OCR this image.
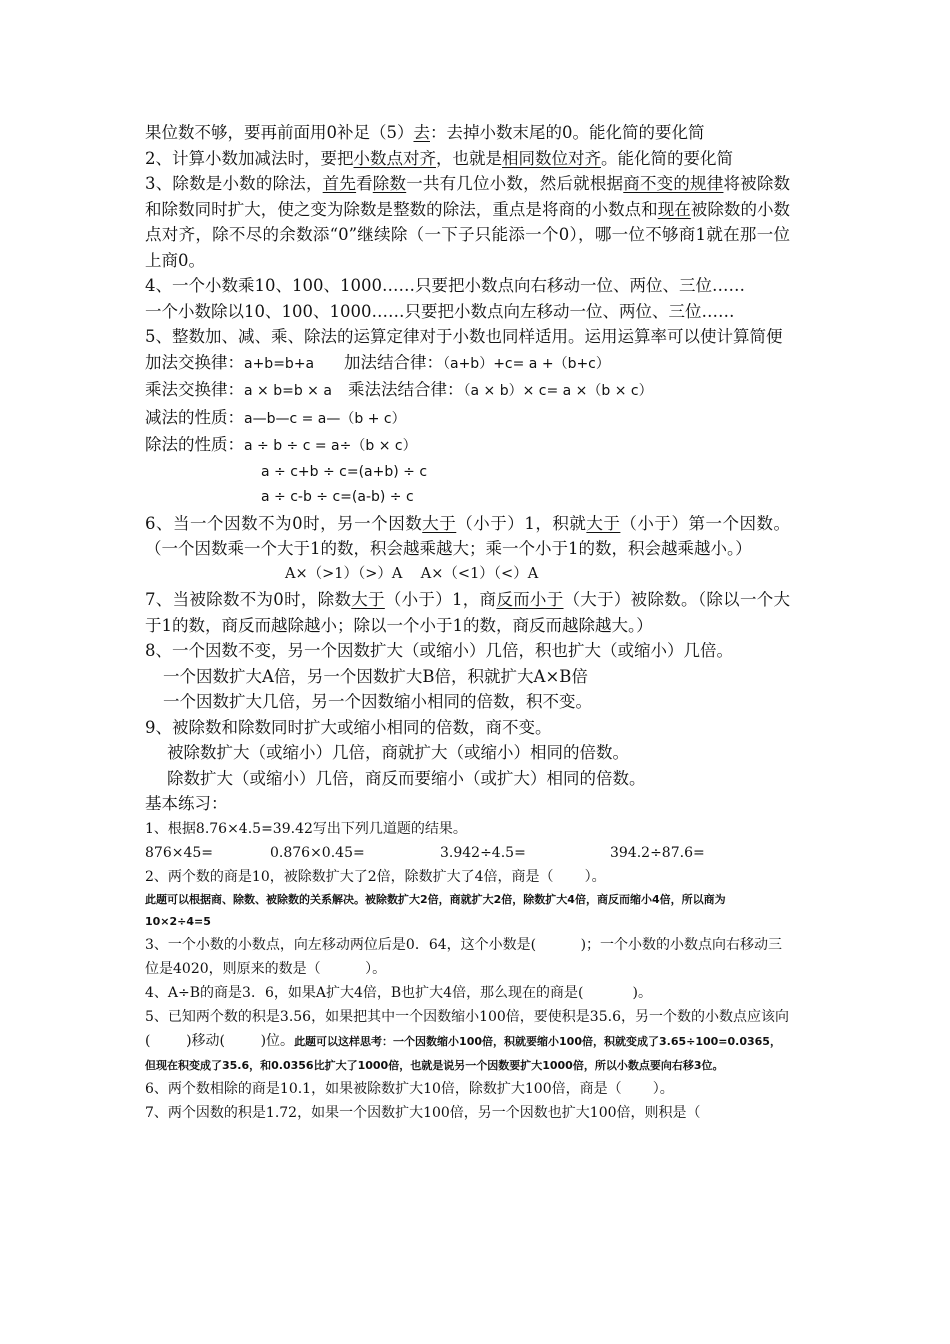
果位数不够，要再前面用0补足（5）去：去掉小数末尾的0。能化简的要化简

2、计算小数加减法时，要把小数点对齐，也就是相同数位对齐。能化简的要化简

3、除数是小数的除法，首先看除数一共有几位小数，然后就根据商不变的规律将被除数和除数同时扩大，使之变为除数是整数的除法，重点是将商的小数点和现在被除数的小数点对齐，除不尽的余数添“0”继续除（一下子只能添一个0），哪一位不够商1就在那一位上商0。

4、一个小数乘10、100、1000……只要把小数点向右移动一位、两位、三位……

一个小数除以10、100、1000……只要把小数点向左移动一位、两位、三位……

5、整数加、减、乘、除法的运算定律对于小数也同样适用。运用运算率可以使计算简便

加法交换律：a+b=b+a 加法结合律：（a+b）+c= a +（b+c）

乘法交换律：a × b=b × a 乘法法结合律：（a × b）× c= a ×（b × c）

减法的性质：a—b—c = a—（b + c）

除法的性质：a ÷ b ÷ c = a÷（b × c）

a ÷ c+b ÷ c=(a+b) ÷ c

a ÷ c-b ÷ c=(a-b) ÷ c

6、当一个因数不为0时，另一个因数大于（小于）1，积就大于（小于）第一个因数。（一个因数乘一个大于1的数，积会越乘越大；乘一个小于1的数，积会越乘越小。）

A×（>1）（>）A    A×（<1）（<）A

7、当被除数不为0时，除数大于（小于）1，商反而小于（大于）被除数。（除以一个大于1的数，商反而越除越小；除以一个小于1的数，商反而越除越大。）

8、一个因数不变，另一个因数扩大（或缩小）几倍，积也扩大（或缩小）几倍。

一个因数扩大A倍，另一个因数扩大B倍，积就扩大A×B倍

一个因数扩大几倍，另一个因数缩小相同的倍数，积不变。

9、被除数和除数同时扩大或缩小相同的倍数，商不变。

被除数扩大（或缩小）几倍，商就扩大（或缩小）相同的倍数。

除数扩大（或缩小）几倍，商反而要缩小（或扩大）相同的倍数。

基本练习：

1、根据8.76×4.5=39.42写出下列几道题的结果。

876×45=	0.876×0.45=	3.942÷4.5=	394.2÷87.6=

2、两个数的商是10，被除数扩大了2倍，除数扩大了4倍，商是（       ）。

此题可以根据商、除数、被除数的关系解决。被除数扩大2倍，商就扩大2倍，除数扩大4倍，商反而缩小4倍，所以商为10×2÷4=5

3、一个小数的小数点，向左移动两位后是0．64，这个小数是(          )；一个小数的小数点向右移动三位是4020，则原来的数是（          ）。

4、A÷B的商是3．6，如果A扩大4倍，B也扩大4倍，那么现在的商是(           )。

5、已知两个数的积是3.56，如果把其中一个因数缩小100倍，要使积是35.6，另一个数的小数点应该向(        )移动(        )位。此题可以这样思考：一个因数缩小100倍，积就要缩小100倍，积就变成了3.65÷100=0.0365，但现在积变成了35.6，和0.0356比扩大了1000倍，也就是说另一个因数要扩大1000倍，所以小数点要向右移3位。

6、两个数相除的商是10.1，如果被除数扩大10倍，除数扩大100倍，商是（       ）。

7、两个因数的积是1.72，如果一个因数扩大100倍，另一个因数也扩大100倍，则积是（
